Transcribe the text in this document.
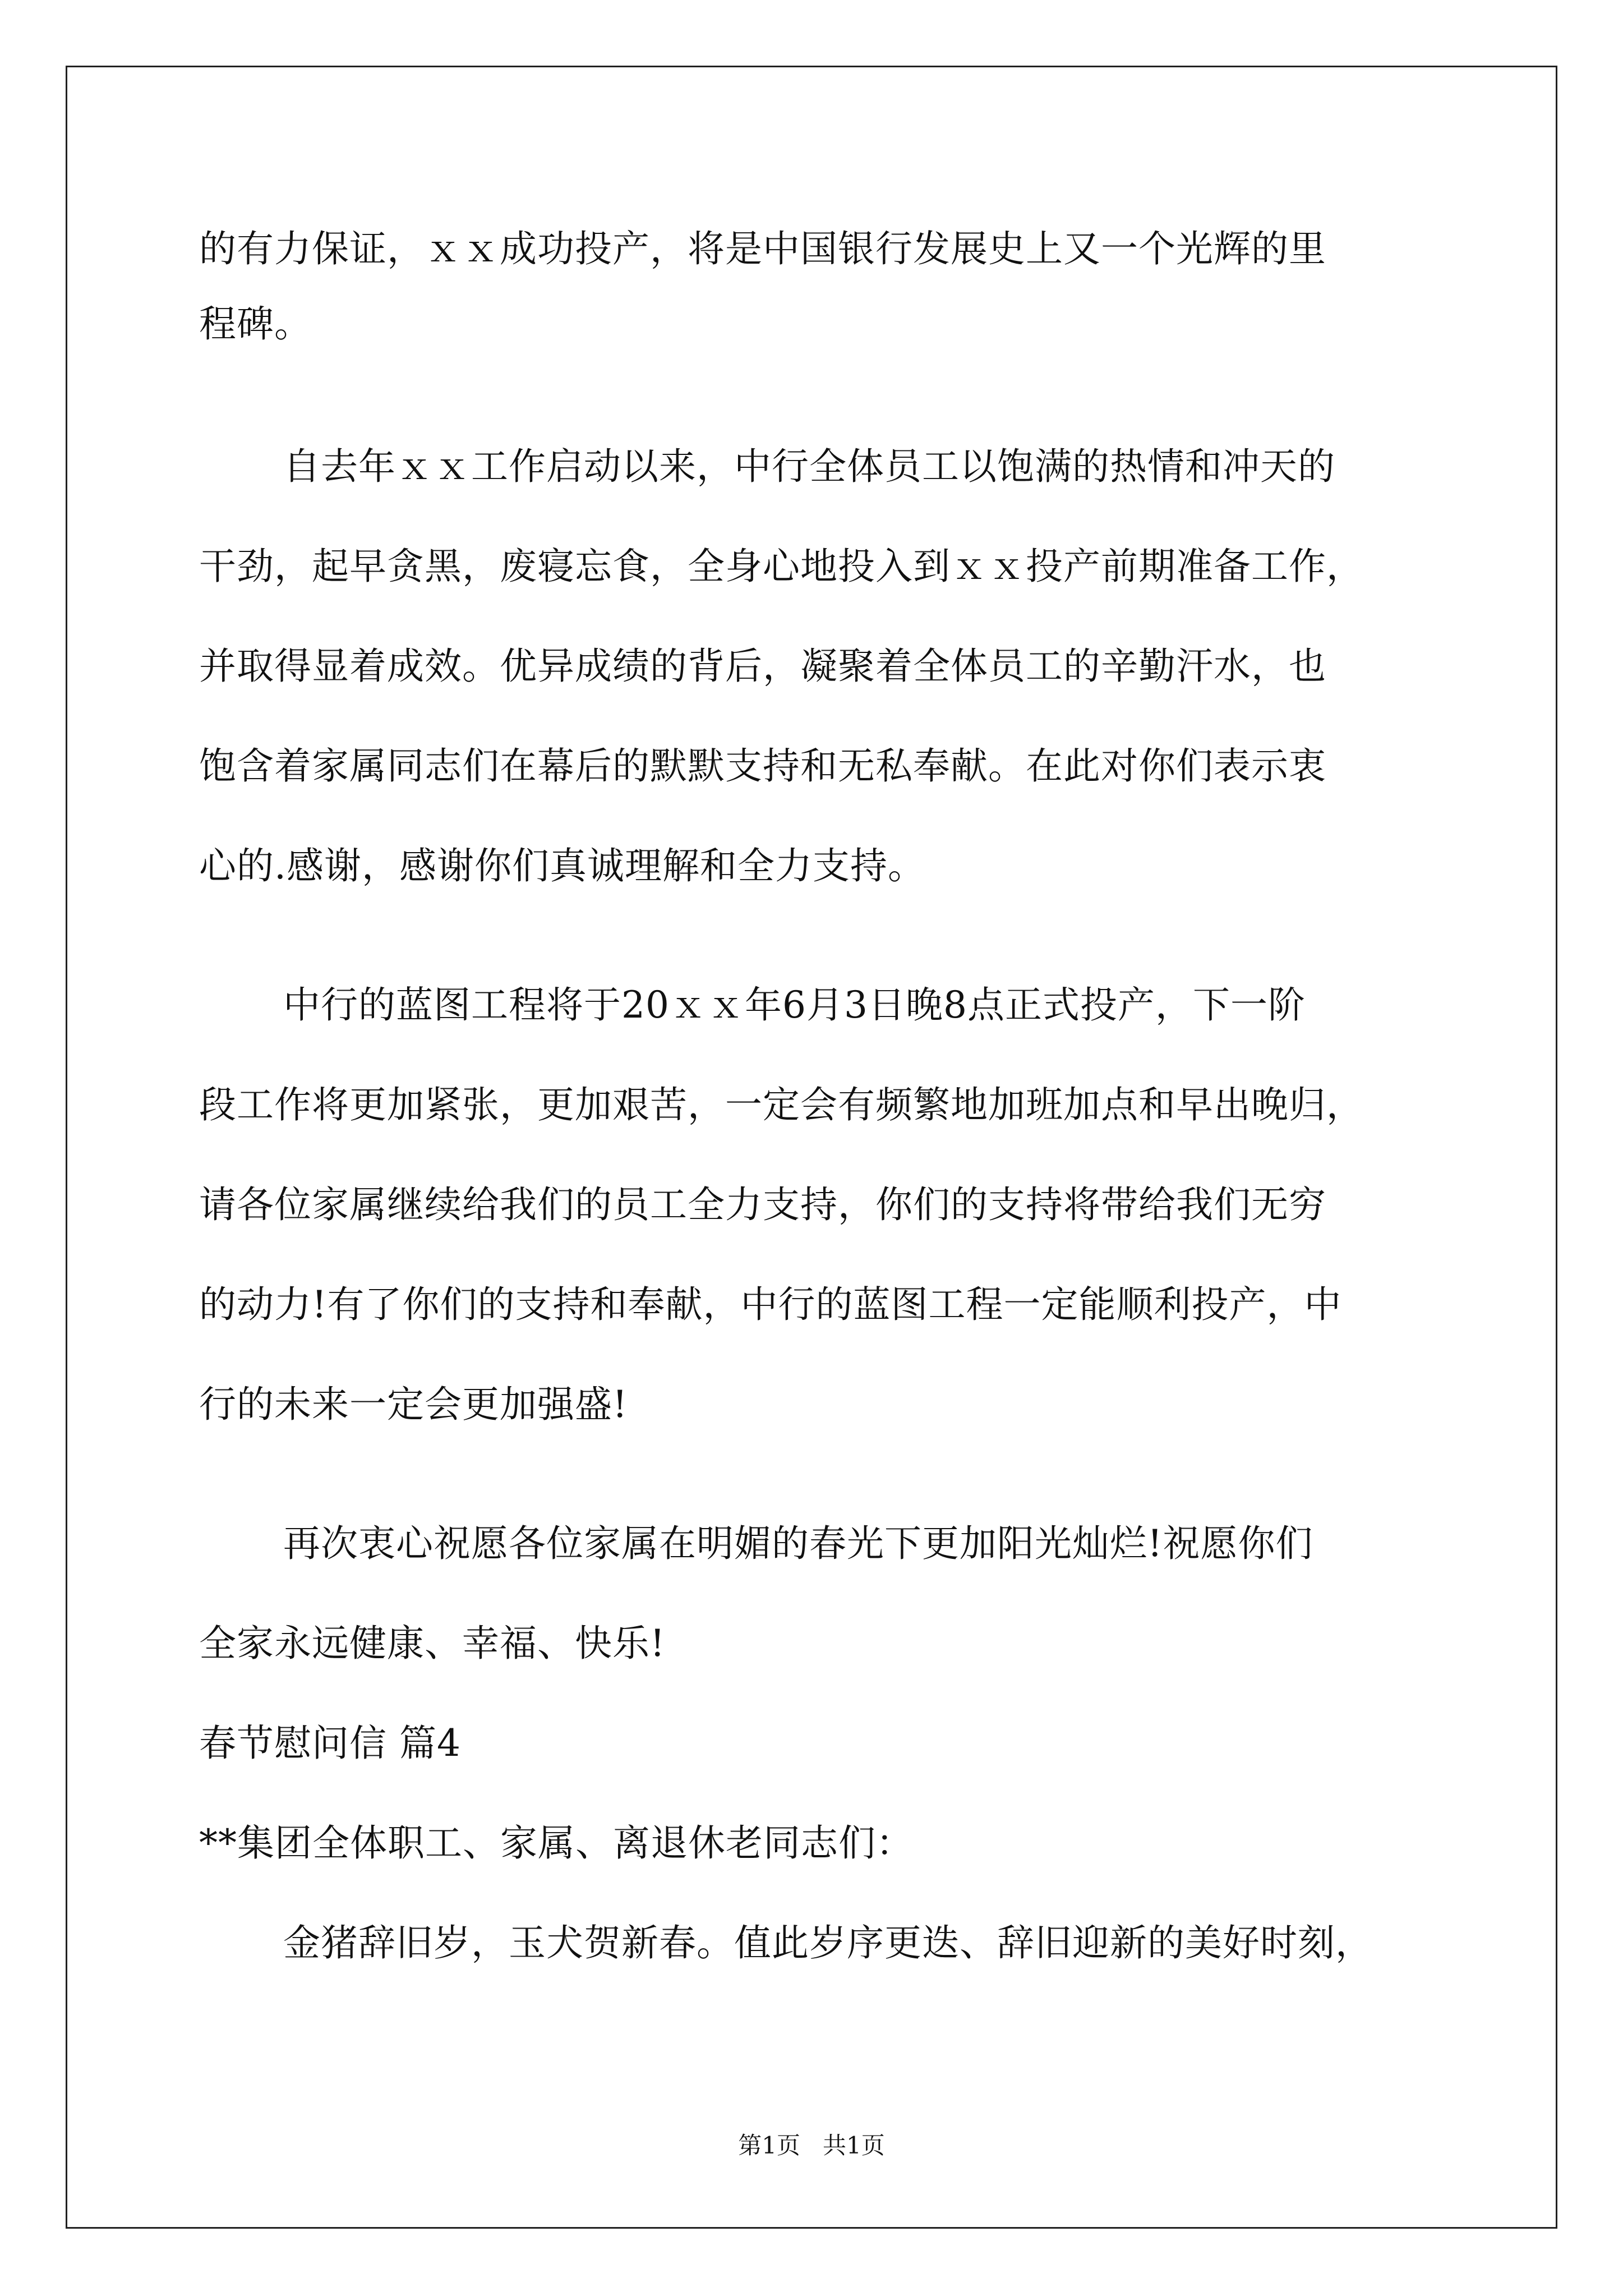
的有力保证，ｘｘ成功投产，将是中国银行发展史上又一个光辉的里
程碑。
自去年ｘｘ工作启动以来，中行全体员工以饱满的热情和冲天的
干劲，起早贪黑，废寝忘食，全身心地投入到ｘｘ投产前期准备工作，
并取得显着成效。优异成绩的背后，凝聚着全体员工的辛勤汗水，也
饱含着家属同志们在幕后的默默支持和无私奉献。在此对你们表示衷
心的.感谢，感谢你们真诚理解和全力支持。
中行的蓝图工程将于20ｘｘ年6月3日晚8点正式投产，下一阶
段工作将更加紧张，更加艰苦，一定会有频繁地加班加点和早出晚归，
请各位家属继续给我们的员工全力支持，你们的支持将带给我们无穷
的动力!有了你们的支持和奉献，中行的蓝图工程一定能顺利投产，中
行的未来一定会更加强盛!
再次衷心祝愿各位家属在明媚的春光下更加阳光灿烂!祝愿你们
全家永远健康、幸福、快乐!
春节慰问信 篇4
**集团全体职工、家属、离退休老同志们：
金猪辞旧岁，玉犬贺新春。值此岁序更迭、辞旧迎新的美好时刻，
第1页   共1页
